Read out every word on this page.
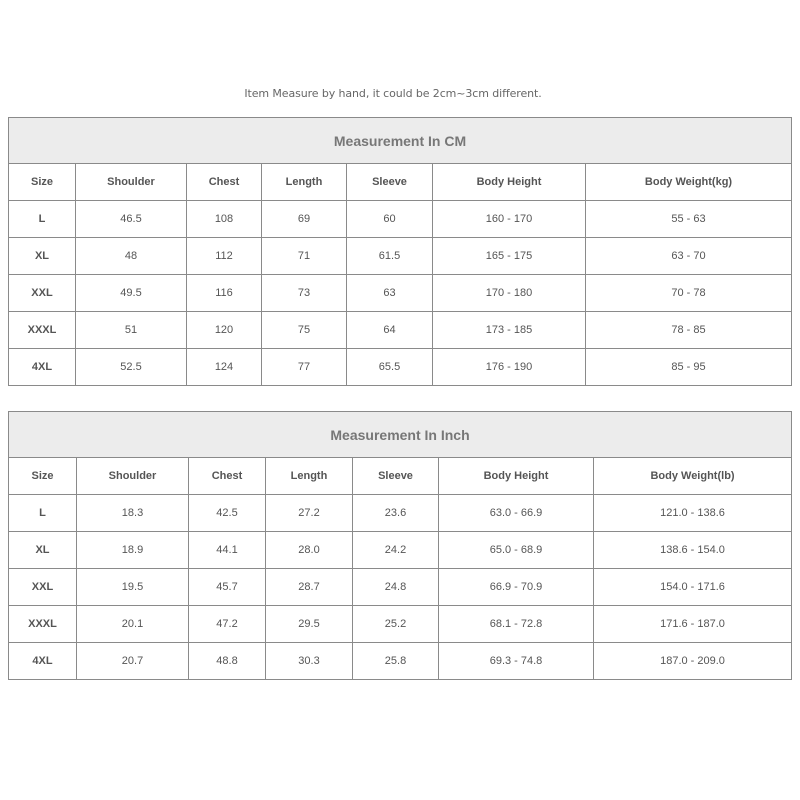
Item Measure by hand, it could be 2cm~3cm different.
Measurement In CM						
Size	Shoulder	Chest	Length	Sleeve	Body Height	Body Weight(kg)
L	46.5	108	69	60	160 - 170	55 - 63
XL	48	112	71	61.5	165 - 175	63 - 70
XXL	49.5	116	73	63	170 - 180	70 - 78
XXXL	51	120	75	64	173 - 185	78 - 85
4XL	52.5	124	77	65.5	176 - 190	85 - 95
Measurement In Inch						
Size	Shoulder	Chest	Length	Sleeve	Body Height	Body Weight(lb)
L	18.3	42.5	27.2	23.6	63.0 - 66.9	121.0 - 138.6
XL	18.9	44.1	28.0	24.2	65.0 - 68.9	138.6 - 154.0
XXL	19.5	45.7	28.7	24.8	66.9 - 70.9	154.0 - 171.6
XXXL	20.1	47.2	29.5	25.2	68.1 - 72.8	171.6 - 187.0
4XL	20.7	48.8	30.3	25.8	69.3 - 74.8	187.0 - 209.0
